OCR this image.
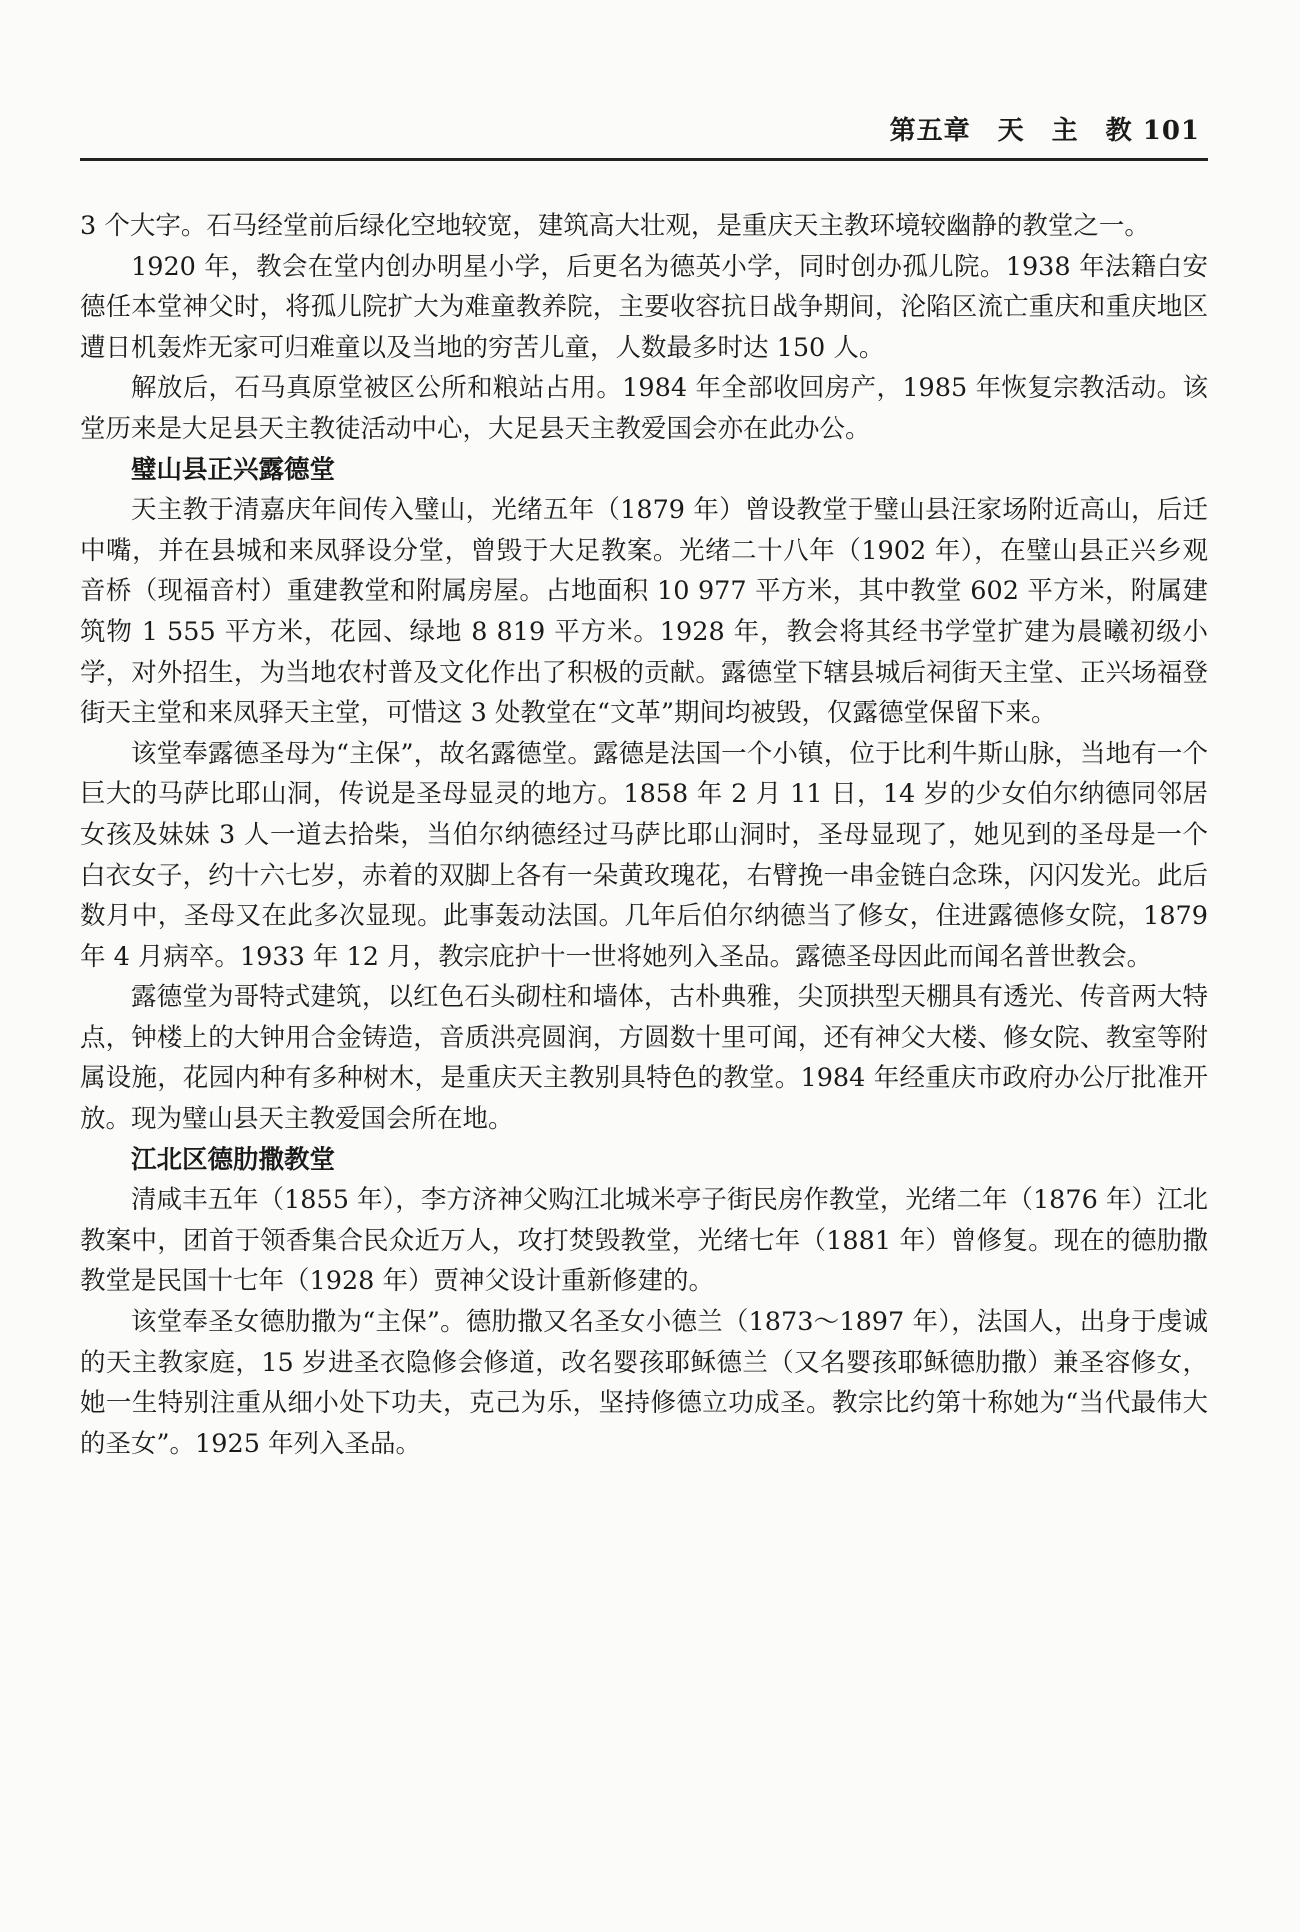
第五章　天　主　教 101

3 个大字。石马经堂前后绿化空地较宽，建筑高大壮观，是重庆天主教环境较幽静的教堂之一。

1920 年，教会在堂内创办明星小学，后更名为德英小学，同时创办孤儿院。1938 年法籍白安德任本堂神父时，将孤儿院扩大为难童教养院，主要收容抗日战争期间，沦陷区流亡重庆和重庆地区遭日机轰炸无家可归难童以及当地的穷苦儿童，人数最多时达 150 人。

解放后，石马真原堂被区公所和粮站占用。1984 年全部收回房产，1985 年恢复宗教活动。该堂历来是大足县天主教徒活动中心，大足县天主教爱国会亦在此办公。

璧山县正兴露德堂

天主教于清嘉庆年间传入璧山，光绪五年（1879 年）曾设教堂于璧山县汪家场附近高山，后迁中嘴，并在县城和来凤驿设分堂，曾毁于大足教案。光绪二十八年（1902 年），在璧山县正兴乡观音桥（现福音村）重建教堂和附属房屋。占地面积 10 977 平方米，其中教堂 602 平方米，附属建筑物 1 555 平方米，花园、绿地 8 819 平方米。1928 年，教会将其经书学堂扩建为晨曦初级小学，对外招生，为当地农村普及文化作出了积极的贡献。露德堂下辖县城后祠街天主堂、正兴场福登街天主堂和来凤驿天主堂，可惜这 3 处教堂在“文革”期间均被毁，仅露德堂保留下来。

该堂奉露德圣母为“主保”，故名露德堂。露德是法国一个小镇，位于比利牛斯山脉，当地有一个巨大的马萨比耶山洞，传说是圣母显灵的地方。1858 年 2 月 11 日，14 岁的少女伯尔纳德同邻居女孩及妹妹 3 人一道去拾柴，当伯尔纳德经过马萨比耶山洞时，圣母显现了，她见到的圣母是一个白衣女子，约十六七岁，赤着的双脚上各有一朵黄玫瑰花，右臂挽一串金链白念珠，闪闪发光。此后数月中，圣母又在此多次显现。此事轰动法国。几年后伯尔纳德当了修女，住进露德修女院，1879 年 4 月病卒。1933 年 12 月，教宗庇护十一世将她列入圣品。露德圣母因此而闻名普世教会。

露德堂为哥特式建筑，以红色石头砌柱和墙体，古朴典雅，尖顶拱型天棚具有透光、传音两大特点，钟楼上的大钟用合金铸造，音质洪亮圆润，方圆数十里可闻，还有神父大楼、修女院、教室等附属设施，花园内种有多种树木，是重庆天主教别具特色的教堂。1984 年经重庆市政府办公厅批准开放。现为璧山县天主教爱国会所在地。

江北区德肋撒教堂

清咸丰五年（1855 年），李方济神父购江北城米亭子街民房作教堂，光绪二年（1876 年）江北教案中，团首于领香集合民众近万人，攻打焚毁教堂，光绪七年（1881 年）曾修复。现在的德肋撒教堂是民国十七年（1928 年）贾神父设计重新修建的。

该堂奉圣女德肋撒为“主保”。德肋撒又名圣女小德兰（1873～1897 年），法国人，出身于虔诚的天主教家庭，15 岁进圣衣隐修会修道，改名婴孩耶稣德兰（又名婴孩耶稣德肋撒）兼圣容修女，她一生特别注重从细小处下功夫，克己为乐，坚持修德立功成圣。教宗比约第十称她为“当代最伟大的圣女”。1925 年列入圣品。
